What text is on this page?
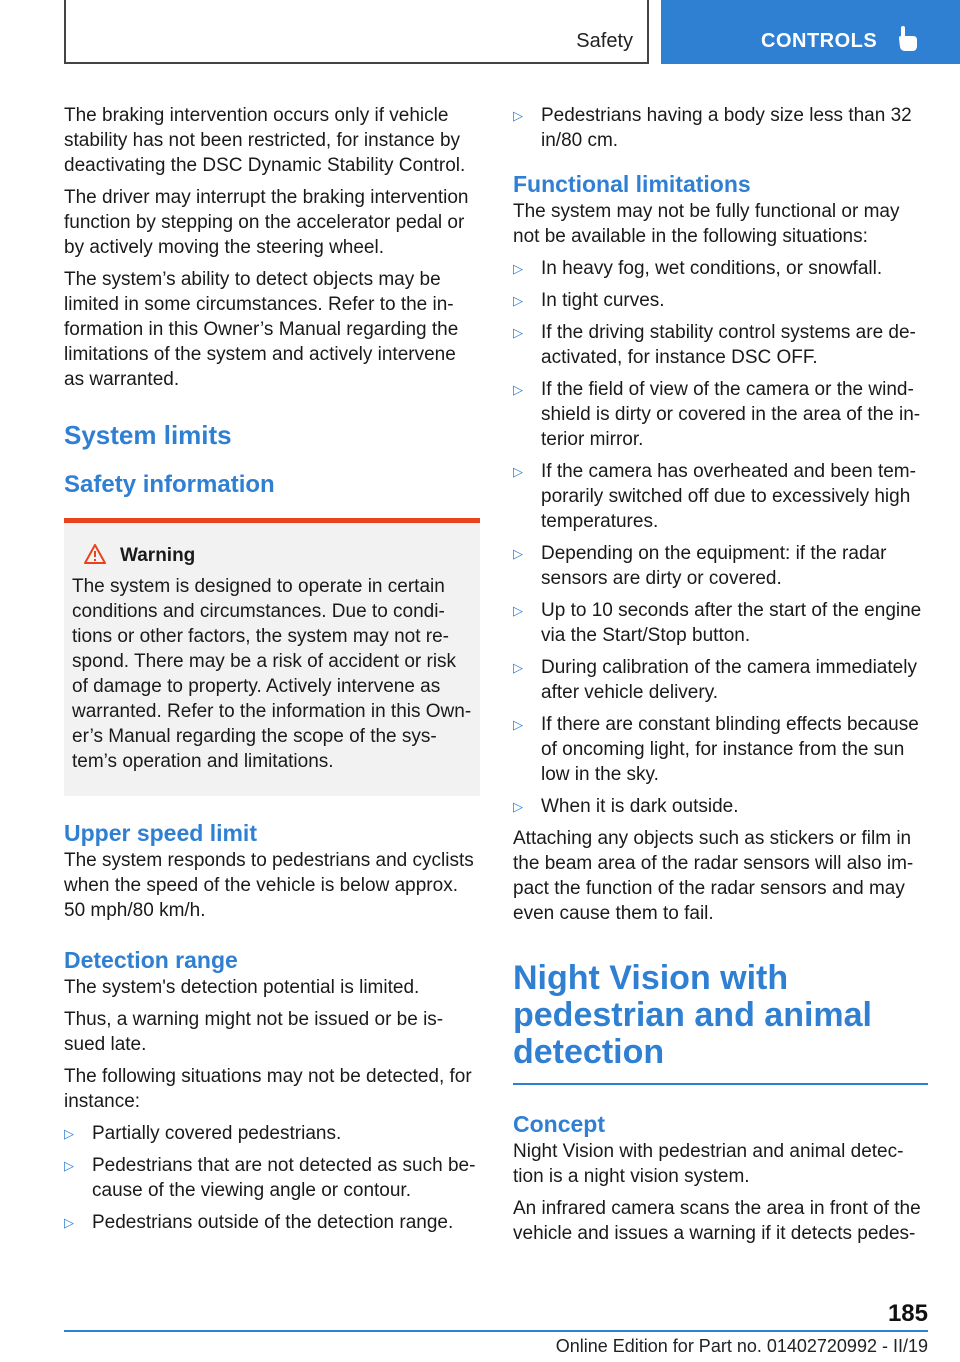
Safety	CONTROLS

The braking intervention occurs only if vehicle stability has not been restricted, for instance by deactivating the DSC Dynamic Stability Control.

The driver may interrupt the braking intervention function by stepping on the accelerator pedal or by actively moving the steering wheel.

The system’s ability to detect objects may be limited in some circumstances. Refer to the in-formation in this Owner’s Manual regarding the limitations of the system and actively intervene as warranted.

System limits
Safety information
Warning

The system is designed to operate in certain conditions and circumstances. Due to condi-tions or other factors, the system may not re-spond. There may be a risk of accident or risk of damage to property. Actively intervene as warranted. Refer to the information in this Own-er’s Manual regarding the scope of the sys-tem’s operation and limitations.

Upper speed limit

The system responds to pedestrians and cyclists when the speed of the vehicle is below approx. 50 mph/80 km/h.

Detection range

The system's detection potential is limited.

Thus, a warning might not be issued or be is-sued late.

The following situations may not be detected, for instance:

▷ Partially covered pedestrians.
▷ Pedestrians that are not detected as such be-cause of the viewing angle or contour.
▷ Pedestrians outside of the detection range.
▷ Pedestrians having a body size less than 32 in/80 cm.
Functional limitations

The system may not be fully functional or may not be available in the following situations:

▷ In heavy fog, wet conditions, or snowfall.
▷ In tight curves.
▷ If the driving stability control systems are de-activated, for instance DSC OFF.
▷ If the field of view of the camera or the wind-shield is dirty or covered in the area of the in-terior mirror.
▷ If the camera has overheated and been tem-porarily switched off due to excessively high temperatures.
▷ Depending on the equipment: if the radar sensors are dirty or covered.
▷ Up to 10 seconds after the start of the engine via the Start/Stop button.
▷ During calibration of the camera immediately after vehicle delivery.
▷ If there are constant blinding effects because of oncoming light, for instance from the sun low in the sky.
▷ When it is dark outside.

Attaching any objects such as stickers or film in the beam area of the radar sensors will also im-pact the function of the radar sensors and may even cause them to fail.

Night Vision with pedestrian and animal detection
Concept

Night Vision with pedestrian and animal detec-tion is a night vision system.

An infrared camera scans the area in front of the vehicle and issues a warning if it detects pedes-

185
Online Edition for Part no. 01402720992 - II/19
